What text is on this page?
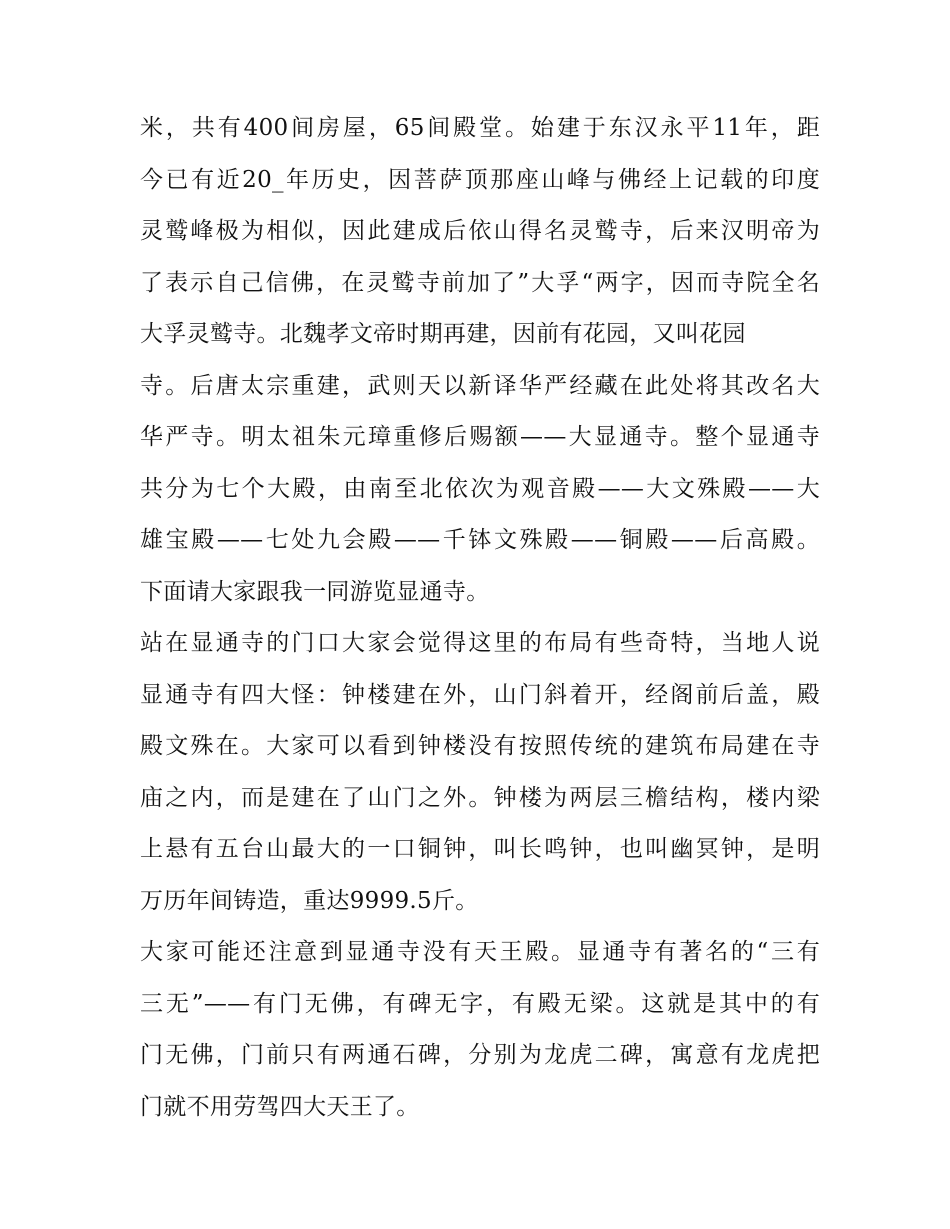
米，共有400间房屋，65间殿堂。始建于东汉永平11年，距
今已有近20_年历史，因菩萨顶那座山峰与佛经上记载的印度
灵鹫峰极为相似，因此建成后依山得名灵鹫寺，后来汉明帝为
了表示自己信佛，在灵鹫寺前加了”大孚“两字，因而寺院全名
大孚灵鹫寺。北魏孝文帝时期再建，因前有花园，又叫花园
寺。后唐太宗重建，武则天以新译华严经藏在此处将其改名大
华严寺。明太祖朱元璋重修后赐额——大显通寺。整个显通寺
共分为七个大殿，由南至北依次为观音殿——大文殊殿——大
雄宝殿——七处九会殿——千钵文殊殿——铜殿——后高殿。
下面请大家跟我一同游览显通寺。
站在显通寺的门口大家会觉得这里的布局有些奇特，当地人说
显通寺有四大怪：钟楼建在外，山门斜着开，经阁前后盖，殿
殿文殊在。大家可以看到钟楼没有按照传统的建筑布局建在寺
庙之内，而是建在了山门之外。钟楼为两层三檐结构，楼内梁
上悬有五台山最大的一口铜钟，叫长鸣钟，也叫幽冥钟，是明
万历年间铸造，重达9999.5斤。
大家可能还注意到显通寺没有天王殿。显通寺有著名的“三有
三无”——有门无佛，有碑无字，有殿无梁。这就是其中的有
门无佛，门前只有两通石碑，分别为龙虎二碑，寓意有龙虎把
门就不用劳驾四大天王了。
